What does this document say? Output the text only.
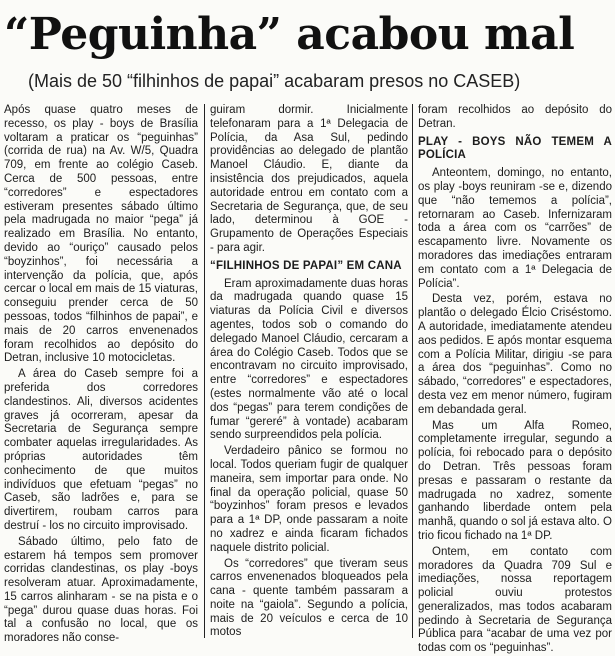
“Peguinha” acabou mal
(Mais de 50 “filhinhos de papai” acabaram presos no CASEB)

Após quase quatro meses de recesso, os play - boys de Brasília voltaram a praticar os “peguinhas” (corrida de rua) na Av. W/5, Quadra 709, em frente ao colégio Caseb. Cerca de 500 pessoas, entre “corredores” e espectadores estiveram presentes sábado último pela madrugada no maior “pega” já realizado em Brasília. No entanto, devido ao “ouriço” causado pelos “boyzinhos”, foi necessária a intervenção da polícia, que, após cercar o local em mais de 15 viaturas, conseguiu prender cerca de 50 pessoas, todos “filhinhos de papai”, e mais de 20 carros envenenados foram recolhidos ao depósito do Detran, inclusive 10 motocicletas.

A área do Caseb sempre foi a preferida dos corredores clandestinos. Ali, diversos acidentes graves já ocorreram, apesar da Secretaria de Segurança sempre combater aquelas irregularidades. As próprias autoridades têm conhecimento de que muitos indivíduos que efetuam “pegas” no Caseb, são ladrões e, para se divertirem, roubam carros para destruí - los no circuito improvisado.

Sábado último, pelo fato de estarem há tempos sem promover corridas clandestinas, os play -boys resolveram atuar. Aproximadamente, 15 carros alinharam - se na pista e o “pega” durou quase duas horas. Foi tal a confusão no local, que os moradores não conse-

guiram dormir. Inicialmente telefonaram para a 1ª Delegacia de Polícia, da Asa Sul, pedindo providências ao delegado de plantão Manoel Cláudio. E, diante da insistência dos prejudicados, aquela autoridade entrou em contato com a Secretaria de Segurança, que, de seu lado, determinou à GOE - Grupamento de Operações Especiais - para agir.

“FILHINHOS DE PAPAI” EM CANA

Eram aproximadamente duas horas da madrugada quando quase 15 viaturas da Polícia Civil e diversos agentes, todos sob o comando do delegado Manoel Cláudio, cercaram a área do Colégio Caseb. Todos que se encontravam no circuito improvisado, entre “corredores” e espectadores (estes normalmente vão até o local dos “pegas” para terem condições de fumar “gereré” à vontade) acabaram sendo surpreendidos pela polícia.

Verdadeiro pânico se formou no local. Todos queriam fugir de qualquer maneira, sem importar para onde. No final da operação policial, quase 50 “boyzinhos” foram presos e levados para a 1ª DP, onde passaram a noite no xadrez e ainda ficaram fichados naquele distrito policial.

Os “corredores” que tiveram seus carros envenenados bloqueados pela cana - quente também passaram a noite na “gaiola”. Segundo a polícia, mais de 20 veículos e cerca de 10 motos

foram recolhidos ao depósito do Detran.

PLAY - BOYS NÃO TEMEM A POLÍCIA

Anteontem, domingo, no entanto, os play -boys reuniram -se e, dizendo que “não tememos a polícia”, retornaram ao Caseb. Infernizaram toda a área com os “carrões” de escapamento livre. Novamente os moradores das imediações entraram em contato com a 1ª Delegacia de Polícia”.

Desta vez, porém, estava no plantão o delegado Élcio Criséstomo. A autoridade, imediatamente atendeu aos pedidos. E após montar esquema com a Polícia Militar, dirigiu -se para a área dos “peguinhas”. Como no sábado, “corredores” e espectadores, desta vez em menor número, fugiram em debandada geral.

Mas um Alfa Romeo, completamente irregular, segundo a polícia, foi rebocado para o depósito do Detran. Três pessoas foram presas e passaram o restante da madrugada no xadrez, somente ganhando liberdade ontem pela manhã, quando o sol já estava alto. O trio ficou fichado na 1ª DP.

Ontem, em contato com moradores da Quadra 709 Sul e imediações, nossa reportagem policial ouviu protestos generalizados, mas todos acabaram pedindo à Secretaria de Segurança Pública para “acabar de uma vez por todas com os “peguinhas”.
